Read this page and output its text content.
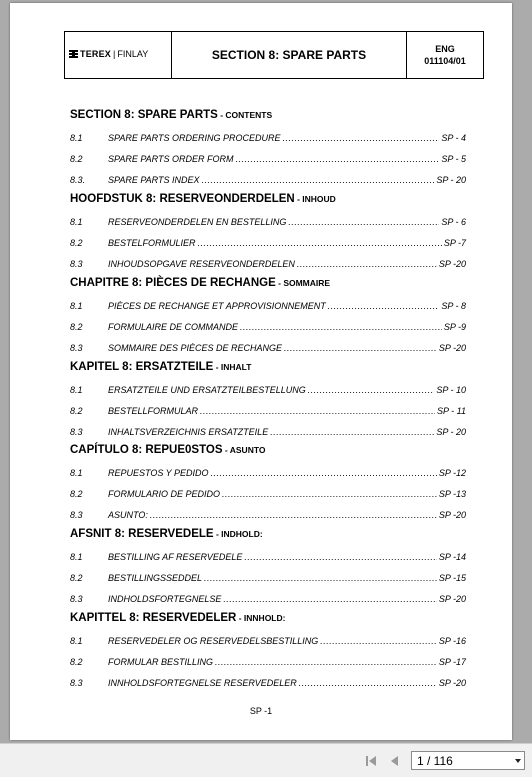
TEREX | FINLAY	SECTION 8: SPARE PARTS	ENG
011104/01
SECTION 8: SPARE PARTS - CONTENTS
8.1	SPARE PARTS ORDERING PROCEDURE .....	SP - 4
8.2	SPARE PARTS ORDER FORM .....	SP - 5
8.3.	SPARE PARTS INDEX .....	SP - 20
HOOFDSTUK 8: RESERVEONDERDELEN - INHOUD
8.1	RESERVEONDERDELEN EN BESTELLING .....	SP - 6
8.2	BESTELFORMULIER .....	SP -7
8.3	INHOUDSOPGAVE RESERVEONDERDELEN .....	SP -20
CHAPITRE 8: PIÈCES DE RECHANGE - SOMMAIRE
8.1	PIÈCES DE RECHANGE ET APPROVISIONNEMENT .....	SP - 8
8.2	FORMULAIRE DE COMMANDE .....	SP -9
8.3	SOMMAIRE DES PIÈCES DE RECHANGE .....	SP -20
KAPITEL 8: ERSATZTEILE - INHALT
8.1	ERSATZTEILE UND ERSATZTEILBESTELLUNG .....	SP - 10
8.2	BESTELLFORMULAR .....	SP - 11
8.3	INHALTSVERZEICHNIS ERSATZTEILE .....	SP - 20
CAPÍTULO 8: REPUE0STOS - ASUNTO
8.1	REPUESTOS Y PEDIDO .....	SP -12
8.2	FORMULARIO DE PEDIDO .....	SP -13
8.3	ASUNTO: .....	SP -20
AFSNIT 8: RESERVEDELE - INDHOLD:
8.1	BESTILLING AF RESERVEDELE .....	SP -14
8.2	BESTILLINGSSEDDEL .....	SP -15
8.3	INDHOLDSFORTEGNELSE .....	SP -20
KAPITTEL 8: RESERVEDELER - INNHOLD:
8.1	RESERVEDELER OG RESERVEDELSBESTILLING .....	SP -16
8.2	FORMULAR BESTILLING .....	SP -17
8.3	INNHOLDSFORTEGNELSE RESERVEDELER .....	SP -20
SP -1
1 / 116
